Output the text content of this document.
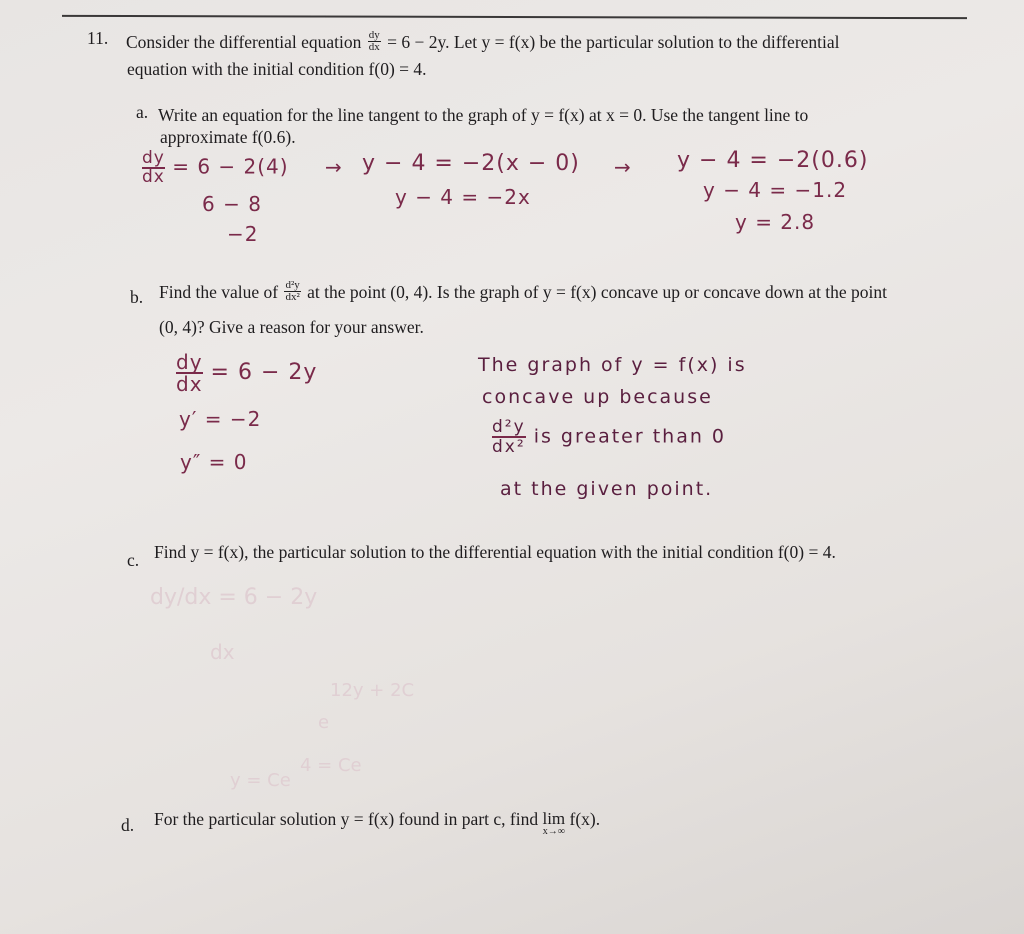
11. Consider the differential equation $\frac{dy}{dx} = 6 - 2y$. Let y = f(x) be the particular solution to the differential
equation with the initial condition f(0) = 4.
a. Write an equation for the line tangent to the graph of y = f(x) at x = 0. Use the tangent line to
approximate f(0.6).
$\frac{dy}{dx} = 6 - 2(4) \to y - 4 = -2(x - 0) \to y - 4 = -2(0.6)$
6 − 8	y − 4 = −2x	y − 4 = −1.2
−2	y = 2.8
b. Find the value of $\frac{\text{d²y}}{\text{dx²}}$ at the point (0, 4). Is the graph of y = f(x) concave up or concave down at the point
(0, 4)? Give a reason for your answer.
$\frac{dy}{dx} = 6 - 2y$
y′ = −2
y″ = 0
The graph of y = f(x) is
concave up because
$\frac{\text{d²y}}{\text{dx²}}$ is greater than 0
at the given point.
c. Find y = f(x), the particular solution to the differential equation with the initial condition f(0) = 4.
dy/dx = 6 − 2y
dx
12y + 2C
e
4 = Ce
y = Ce
d. For the particular solution y = f(x) found in part c, find lim
x→∞
f(x).
